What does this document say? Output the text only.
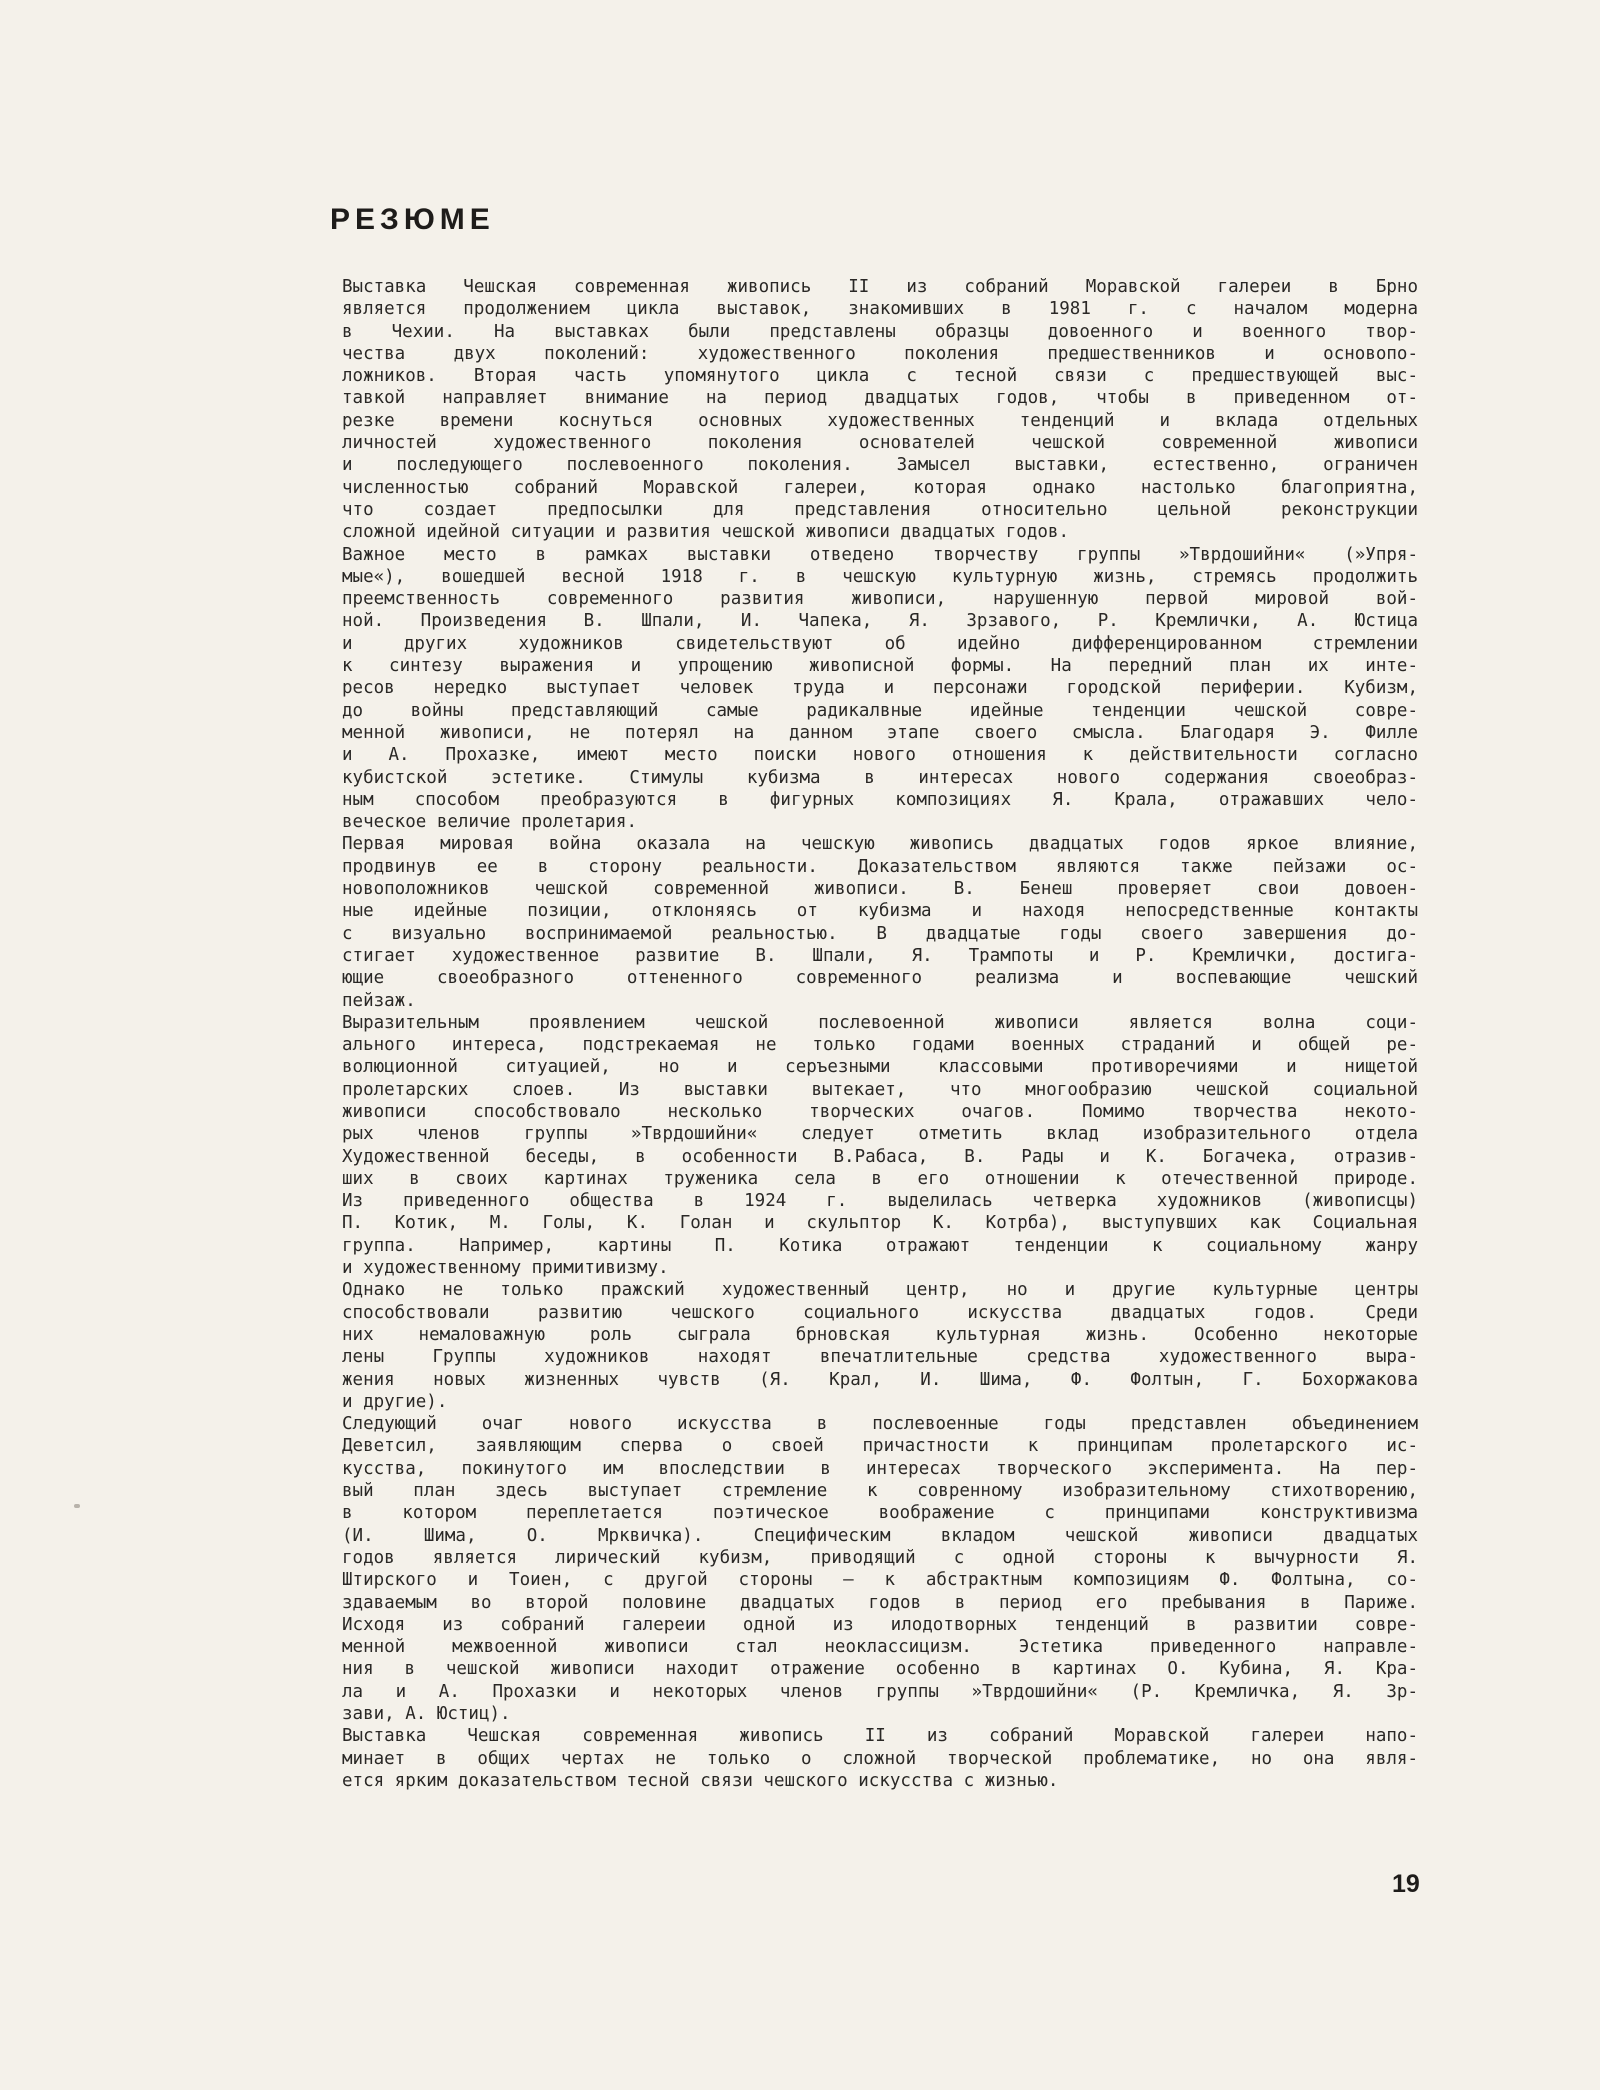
РЕЗЮМЕ
Выставка Чешская современная живопись II из собраний Моравской галереи в Брно
является продолжением цикла выставок, знакомивших в 1981 г. с началом модерна
в Чехии. На выставках были представлены образцы довоенного и военного твор-
чества двух поколений: художественного поколения предшественников и основопо-
ложников. Вторая часть упомянутого цикла с тесной связи с предшествующей выс-
тавкой направляет внимание на период двадцатых годов, чтобы в приведенном от-
резке времени коснуться основных художественных тенденций и вклада отдельных
личностей художественного поколения основателей чешской современной живописи
и последующего послевоенного поколения. Замысел выставки, естественно, ограничен
численностью собраний Моравской галереи, которая однако настолько благоприятна,
что создает предпосылки для представления относительно цельной реконструкции
сложной идейной ситуации и развития чешской живописи двадцатых годов.
Важное место в рамках выставки отведено творчеству группы »Тврдошийни« (»Упря-
мые«), вошедшей весной 1918 г. в чешскую культурную жизнь, стремясь продолжить
преемственность современного развития живописи, нарушенную первой мировой вой-
ной. Произведения В. Шпали, И. Чапека, Я. Зрзавого, Р. Кремлички, А. Юстица
и других художников свидетельствуют об идейно дифференцированном стремлении
к синтезу выражения и упрощению живописной формы. На передний план их инте-
ресов нередко выступает человек труда и персонажи городской периферии. Кубизм,
до войны представляющий самые радикалвные идейные тенденции чешской совре-
менной живописи, не потерял на данном этапе своего смысла. Благодаря Э. Филле
и А. Прохазке, имеют место поиски нового отношения к действительности согласно
кубистской эстетике. Стимулы кубизма в интересах нового содержания своеобраз-
ным способом преобразуются в фигурных композициях Я. Крала, отражавших чело-
веческое величие пролетария.
Первая мировая война оказала на чешскую живопись двадцатых годов яркое влияние,
продвинув ее в сторону реальности. Доказательством являются также пейзажи ос-
новоположников чешской современной живописи. В. Бенеш проверяет свои довоен-
ные идейные позиции, отклоняясь от кубизма и находя непосредственные контакты
с визуально воспринимаемой реальностью. В двадцатые годы своего завершения до-
стигает художественное развитие В. Шпали, Я. Трампоты и Р. Кремлички, достига-
ющие своеобразного оттененного современного реализма и воспевающие чешский
пейзаж.
Выразительным проявлением чешской послевоенной живописи является волна соци-
ального интереса, подстрекаемая не только годами военных страданий и общей ре-
волюционной ситуацией, но и серъезными классовыми противоречиями и нищетой
пролетарских слоев. Из выставки вытекает, что многообразию чешской социальной
живописи способствовало несколько творческих очагов. Помимо творчества некото-
рых членов группы »Тврдошийни« следует отметить вклад изобразительного отдела
Художественной беседы, в особенности В.Рабаса, В. Рады и К. Богачека, отразив-
ших в своих картинах труженика села в его отношении к отечественной природе.
Из приведенного общества в 1924 г. выделилась четверка художников (живописцы)
П. Котик, М. Голы, К. Голан и скульптор К. Котрба), выступувших как Социальная
группа. Например, картины П. Котика отражают тенденции к социальному жанру
и художественному примитивизму.
Однако не только пражский художественный центр, но и другие культурные центры
способствовали развитию чешского социального искусства двадцатых годов. Среди
них немаловажную роль сыграла брновская культурная жизнь. Особенно некоторые
лены Группы художников находят впечатлительные средства художественного выра-
жения новых жизненных чувств (Я. Крал, И. Шима, Ф. Фолтын, Г. Бохоржакова
и другие).
Следующий очаг нового искусства в послевоенные годы представлен объединением
Деветсил, заявляющим сперва о своей причастности к принципам пролетарского ис-
кусства, покинутого им впоследствии в интересах творческого эксперимента. На пер-
вый план здесь выступает стремление к совренному изобразительному стихотворению,
в котором переплетается поэтическое воображение с принципами конструктивизма
(И. Шима, О. Мрквичка). Специфическим вкладом чешской живописи двадцатых
годов является лирический кубизм, приводящий с одной стороны к вычурности Я.
Штирского и Тоиен, с другой стороны — к абстрактным композициям Ф. Фолтына, со-
здаваемым во второй половине двадцатых годов в период его пребывания в Париже.
Исходя из собраний галереии одной из илодотворных тенденций в развитии совре-
менной межвоенной живописи стал неоклассицизм. Эстетика приведенного направле-
ния в чешской живописи находит отражение особенно в картинах О. Кубина, Я. Кра-
ла и А. Прохазки и некоторых членов группы »Тврдошийни« (Р. Кремличка, Я. Зр-
зави, А. Юстиц).
Выставка Чешская современная живопись II из собраний Моравской галереи напо-
минает в общих чертах не только о сложной творческой проблематике, но она явля-
ется ярким доказательством тесной связи чешского искусства с жизнью.
19
